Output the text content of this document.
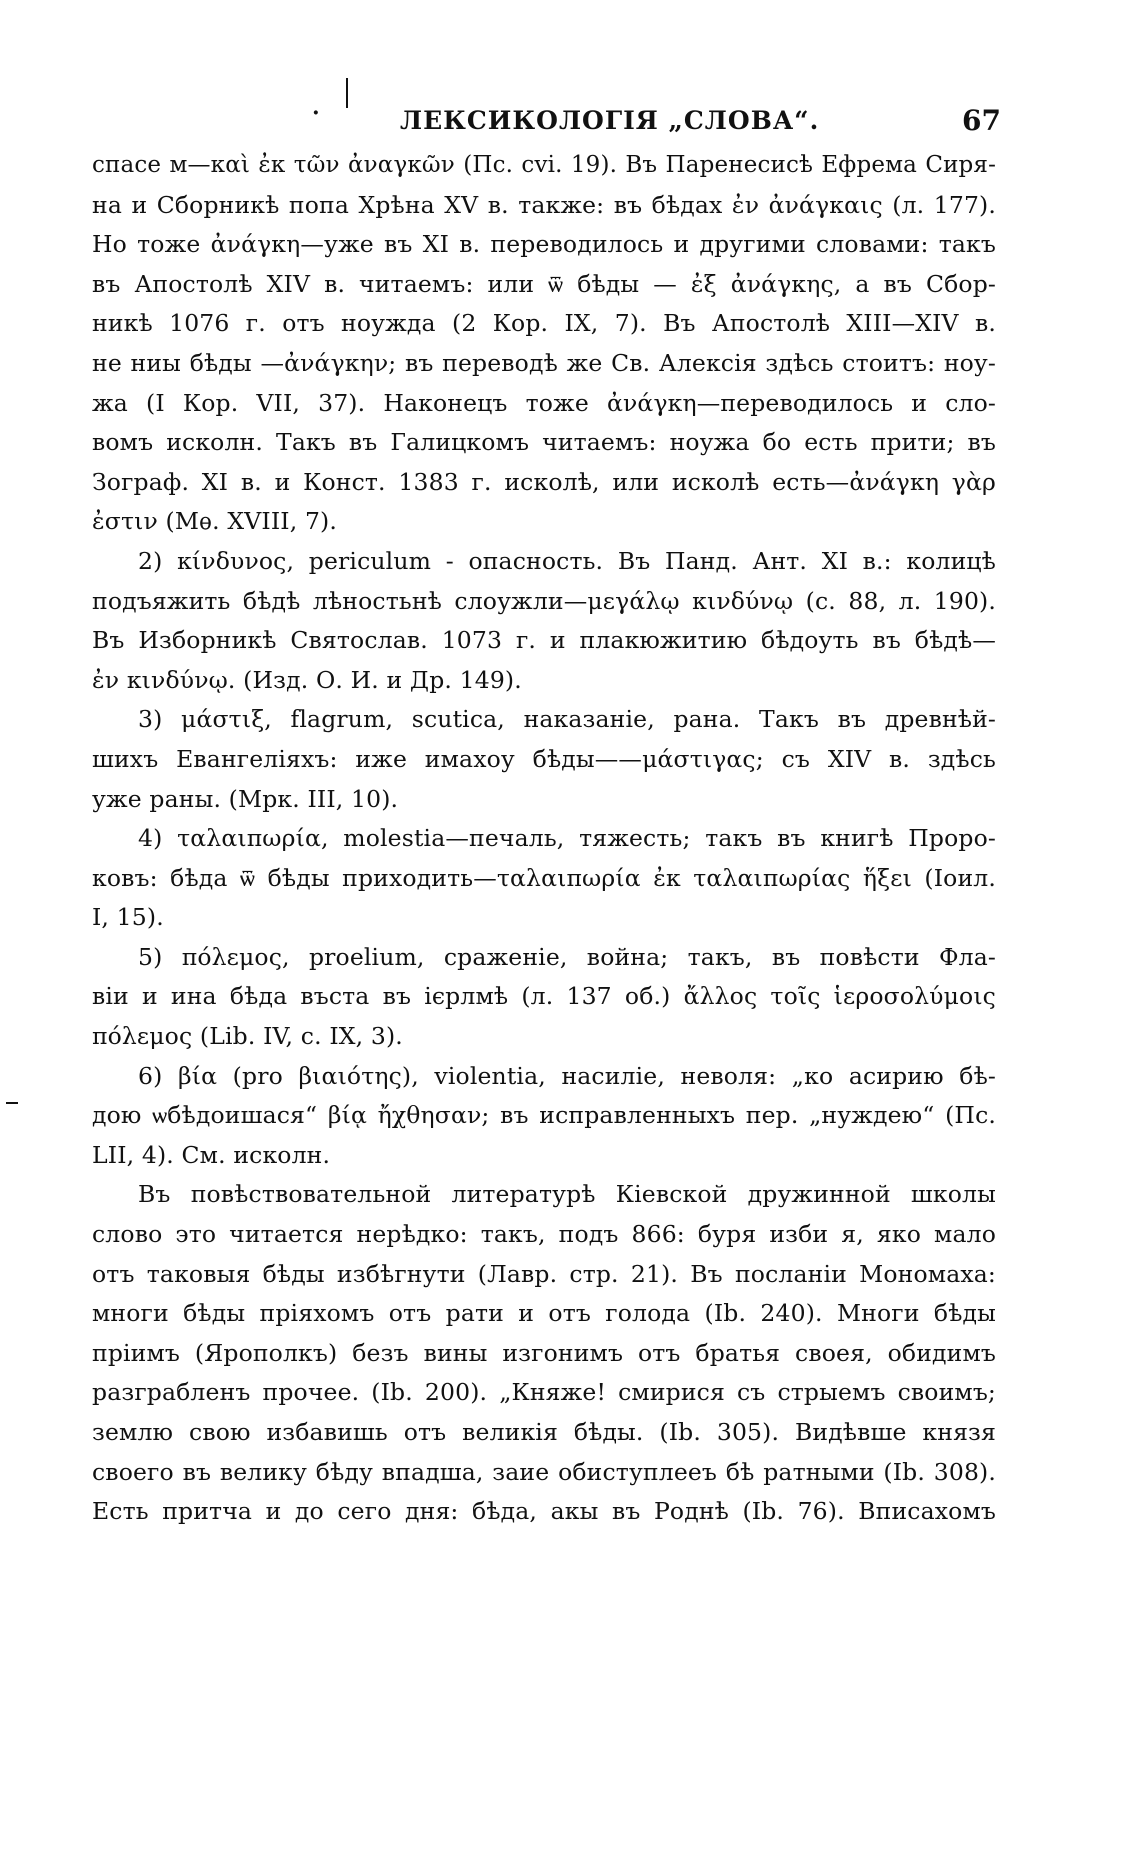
·	ЛЕКСИКОЛОГІЯ „СЛОВА“.	67
спасе м—καὶ ἐκ τῶν ἀναγκῶν (Пс. cvi. 19). Въ Паренесисѣ Ефрема Сиря-
на и Сборникѣ попа Хрѣна XV в. также: въ бѣдах ἐν ἀνάγκαις (л. 177).
Но тоже ἀνάγκη—уже въ XI в. переводилось и другими словами: такъ
въ Апостолѣ XIV в. читаемъ: или ѿ бѣды — ἐξ ἀνάγκης, а въ Сбор-
никѣ 1076 г. отъ ноужда (2 Кор. IX, 7). Въ Апостолѣ XIII—XIV в.
не ниы бѣды —ἀνάγκην; въ переводѣ же Св. Алексія здѣсь стоитъ: ноу-
жа (I Кор. VII, 37). Наконецъ тоже ἀνάγκη—переводилось и сло-
вомъ исколн. Такъ въ Галицкомъ читаемъ: ноужа бо есть прити; въ
Зограф. XI в. и Конст. 1383 г. исколѣ, или исколѣ есть—ἀνάγκη γὰρ
ἐστιν (Мѳ. XVIII, 7).
2) κίνδυνος, periculum - опасность. Въ Панд. Ант. XI в.: колицѣ
подъяжить бѣдѣ лѣностьнѣ слоужли—μεγάλῳ κινδύνῳ (с. 88, л. 190).
Въ Изборникѣ Святослав. 1073 г. и плакюжитию бѣдоуть въ бѣдѣ—
ἐν κινδύνῳ. (Изд. О. И. и Др. 149).
3) μάστιξ, flagrum, scutica, наказаніе, рана. Такъ въ древнѣй-
шихъ Евангеліяхъ: иже имахоу бѣды——μάστιγας; съ XIV в. здѣсь
уже раны. (Мрк. III, 10).
4) ταλαιπωρία, molestia—печаль, тяжесть; такъ въ книгѣ Проро-
ковъ: бѣда ѿ бѣды приходить—ταλαιπωρία ἐκ ταλαιπωρίας ἥξει (Іоил.
I, 15).
5) πόλεμος, proelium, сраженіе, война; такъ, въ повѣсти Фла-
віи и ина бѣда въста въ ієрлмѣ (л. 137 об.) ἄλλος τοῖς ἱεροσολύμοις
πόλεμος (Lib. IV, с. IX, 3).
6) βία (pro βιαιότης), violentia, насиліе, неволя: „ко асирию бѣ-
дою ѡбѣдоишася“ βίᾳ ἤχθησαν; въ исправленныхъ пер. „нуждею“ (Пс.
LII, 4). См. исколн.
Въ повѣствовательной литературѣ Кіевской дружинной школы
слово это читается нерѣдко: такъ, подъ 866: буря изби я, яко мало
отъ таковыя бѣды избѣгнути (Лавр. стр. 21). Въ посланіи Мономаха:
многи бѣды пріяхомъ отъ рати и отъ голода (Ib. 240). Многи бѣды
пріимъ (Ярополкъ) безъ вины изгонимъ отъ братья своея, обидимъ
разграбленъ прочее. (Ib. 200). „Княже! смирися съ стрыемъ своимъ;
землю свою избавишь отъ великія бѣды. (Ib. 305). Видѣвше князя
своего въ велику бѣду впадша, заие обиступлееъ бѣ ратными (Ib. 308).
Есть притча и до сего дня: бѣда, акы въ Роднѣ (Ib. 76). Вписахомъ
